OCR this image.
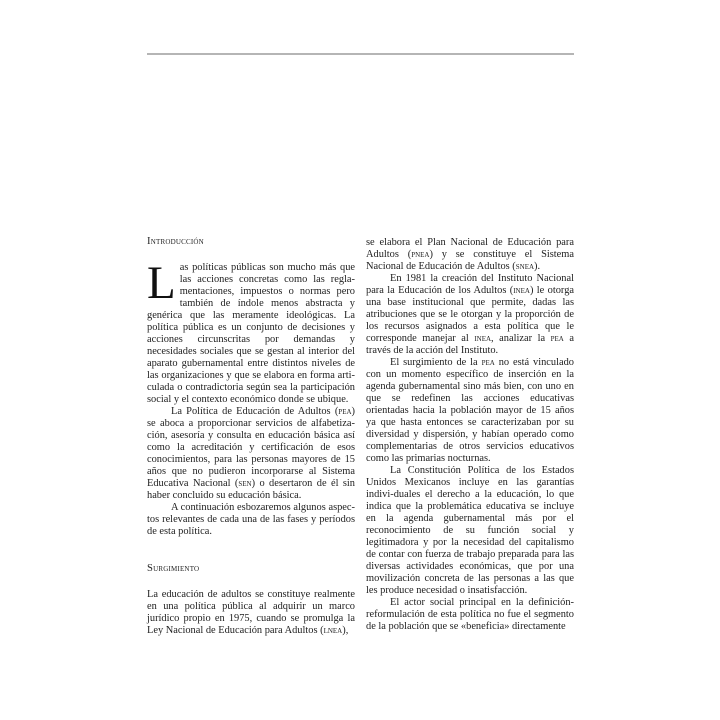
Introducción

Las políticas públicas son mucho más que las acciones concretas como las regla-mentaciones, impuestos o normas pero también de índole menos abstracta y genérica que las meramente ideológicas. La política pública es un conjunto de decisiones y acciones circunscritas por demandas y necesidades sociales que se gestan al interior del aparato gubernamental entre distintos niveles de las organizaciones y que se elabora en forma arti-culada o contradictoria según sea la participación social y el contexto económico donde se ubique.

La Política de Educación de Adultos (pea) se aboca a proporcionar servicios de alfabetiza-ción, asesoría y consulta en educación básica así como la acreditación y certificación de esos conocimientos, para las personas mayores de 15 años que no pudieron incorporarse al Sistema Educativa Nacional (sen) o desertaron de él sin haber concluido su educación básica.

A continuación esbozaremos algunos aspec-tos relevantes de cada una de las fases y períodos de esta política.

Surgimiento

La educación de adultos se constituye realmente en una política pública al adquirir un marco jurídico propio en 1975, cuando se promulga la Ley Nacional de Educación para Adultos (lnea),

se elabora el Plan Nacional de Educación para Adultos (pnea) y se constituye el Sistema Nacional de Educación de Adultos (snea).

En 1981 la creación del Instituto Nacional para la Educación de los Adultos (inea) le otorga una base institucional que permite, dadas las atribuciones que se le otorgan y la proporción de los recursos asignados a esta política que le corresponde manejar al inea, analizar la pea a través de la acción del Instituto.

El surgimiento de la pea no está vinculado con un momento específico de inserción en la agenda gubernamental sino más bien, con uno en que se redefinen las acciones educativas orientadas hacia la población mayor de 15 años ya que hasta entonces se caracterizaban por su diversidad y dispersión, y habían operado como complementarias de otros servicios educativos como las primarias nocturnas.

La Constitución Política de los Estados Unidos Mexicanos incluye en las garantías indivi-duales el derecho a la educación, lo que indica que la problemática educativa se incluye en la agenda gubernamental más por el reconocimiento de su función social y legitimadora y por la necesidad del capitalismo de contar con fuerza de trabajo preparada para las diversas actividades económicas, que por una movilización concreta de las personas a las que les produce necesidad o insatisfacción.

El actor social principal en la definición-reformulación de esta política no fue el segmento de la población que se «beneficia» directamente
